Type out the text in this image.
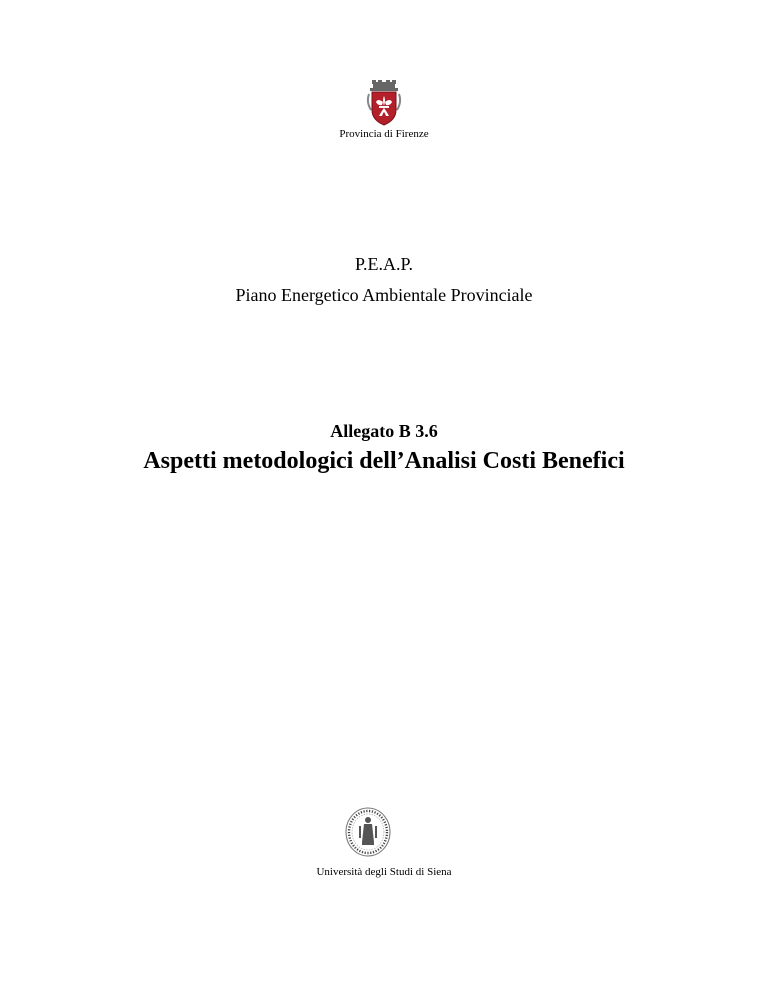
Provincia di Firenze
P.E.A.P.
Piano Energetico Ambientale Provinciale
Allegato B 3.6
Aspetti metodologici dell’Analisi Costi Benefici
Università degli Studi di Siena
